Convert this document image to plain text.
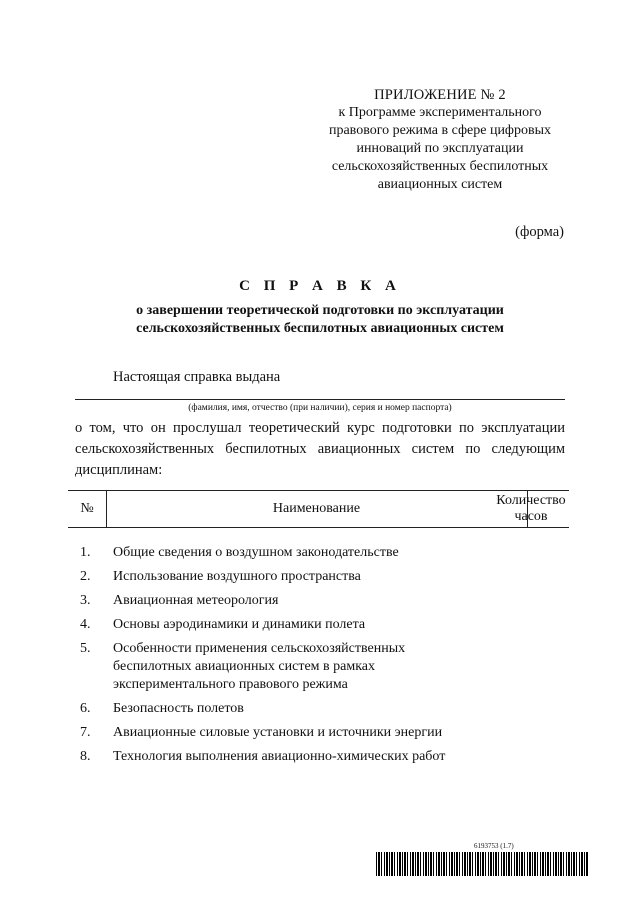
ПРИЛОЖЕНИЕ № 2
к Программе экспериментального
правового режима в сфере цифровых
инноваций по эксплуатации
сельскохозяйственных беспилотных
авиационных систем
(форма)
С П Р А В К А
о завершении теоретической подготовки по эксплуатации
сельскохозяйственных беспилотных авиационных систем
Настоящая справка выдана
(фамилия, имя, отчество (при наличии), серия и номер паспорта)
о том, что он прослушал теоретический курс подготовки по эксплуатации сельскохозяйственных беспилотных авиационных систем по следующим дисциплинам:
№	Наименование
Количество часов
1. Общие сведения о воздушном законодательстве
2. Использование воздушного пространства
3. Авиационная метеорология
4. Основы аэродинамики и динамики полета
5. Особенности применения сельскохозяйственных беспилотных авиационных систем в рамках экспериментального правового режима
6. Безопасность полетов
7. Авиационные силовые установки и источники энергии
8. Технология выполнения авиационно-химических работ
6193753 (1.7)
